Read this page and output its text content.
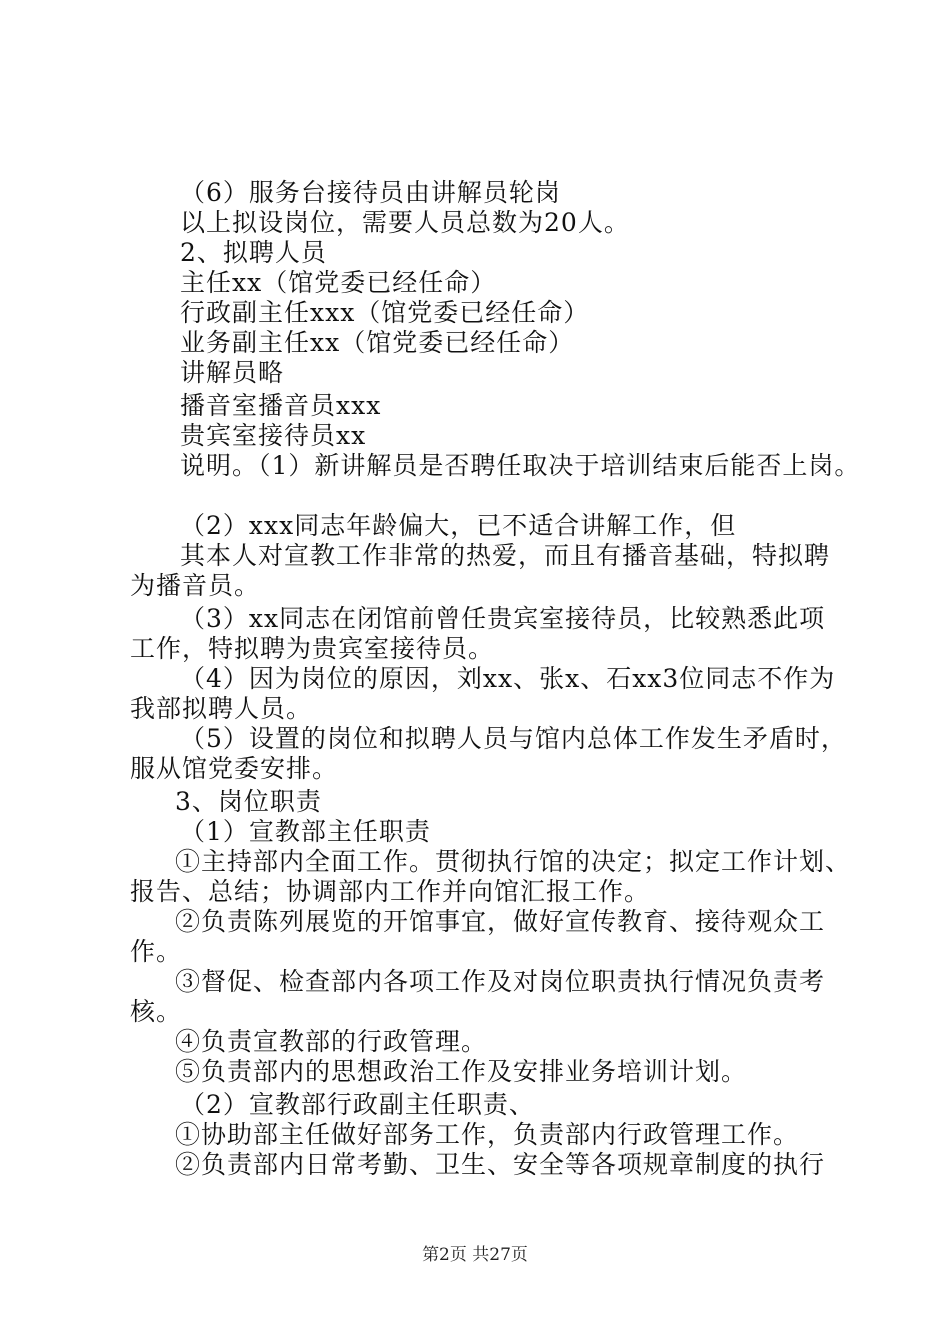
（6）服务台接待员由讲解员轮岗
以上拟设岗位，需要人员总数为20人。
2、拟聘人员
主任xx（馆党委已经任命）
行政副主任xxx（馆党委已经任命）
业务副主任xx（馆党委已经任命）
讲解员略
播音室播音员xxx
贵宾室接待员xx
说明。（1）新讲解员是否聘任取决于培训结束后能否上岗。
（2）xxx同志年龄偏大，已不适合讲解工作，但
其本人对宣教工作非常的热爱，而且有播音基础，特拟聘
为播音员。
（3）xx同志在闭馆前曾任贵宾室接待员，比较熟悉此项
工作，特拟聘为贵宾室接待员。
（4）因为岗位的原因，刘xx、张x、石xx3位同志不作为
我部拟聘人员。
（5）设置的岗位和拟聘人员与馆内总体工作发生矛盾时，
服从馆党委安排。
3、岗位职责
（1）宣教部主任职责
①主持部内全面工作。贯彻执行馆的决定；拟定工作计划、
报告、总结；协调部内工作并向馆汇报工作。
②负责陈列展览的开馆事宜，做好宣传教育、接待观众工
作。
③督促、检查部内各项工作及对岗位职责执行情况负责考
核。
④负责宣教部的行政管理。
⑤负责部内的思想政治工作及安排业务培训计划。
（2）宣教部行政副主任职责、
①协助部主任做好部务工作，负责部内行政管理工作。
②负责部内日常考勤、卫生、安全等各项规章制度的执行
第2页 共27页
